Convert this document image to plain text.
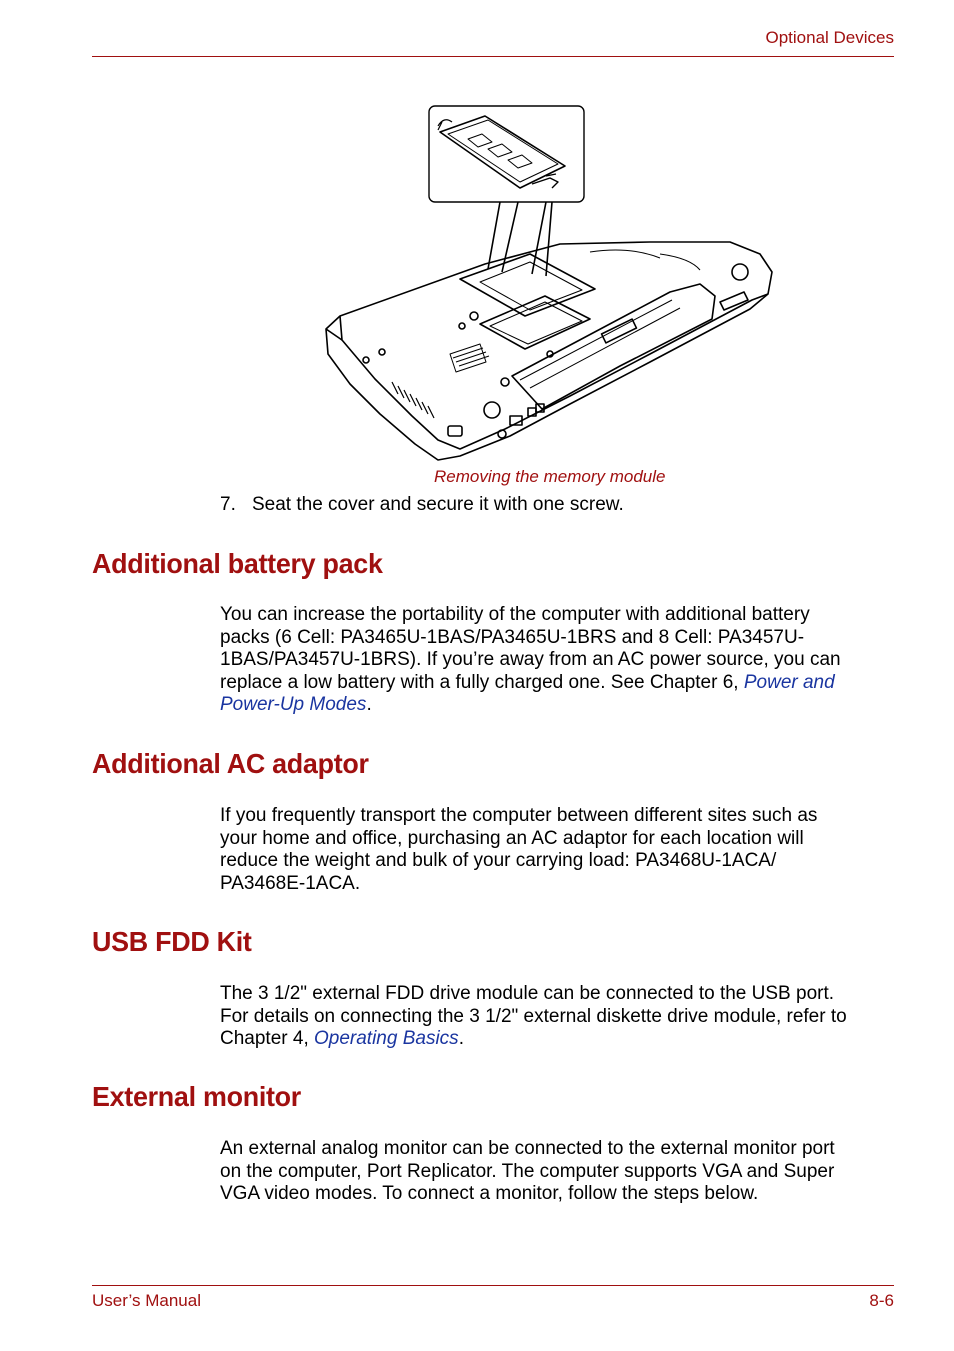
Optional Devices
Removing the memory module
7. Seat the cover and secure it with one screw.
Additional battery pack

You can increase the portability of the computer with additional battery
packs (6 Cell: PA3465U-1BAS/PA3465U-1BRS and 8 Cell: PA3457U-
1BAS/PA3457U-1BRS). If you’re away from an AC power source, you can
replace a low battery with a fully charged one. See Chapter 6, Power and
Power-Up Modes.

Additional AC adaptor

If you frequently transport the computer between different sites such as
your home and office, purchasing an AC adaptor for each location will
reduce the weight and bulk of your carrying load: PA3468U-1ACA/
PA3468E-1ACA.

USB FDD Kit

The 3 1/2" external FDD drive module can be connected to the USB port.
For details on connecting the 3 1/2" external diskette drive module, refer to
Chapter 4, Operating Basics.

External monitor

An external analog monitor can be connected to the external monitor port
on the computer, Port Replicator. The computer supports VGA and Super
VGA video modes. To connect a monitor, follow the steps below.

User’s Manual	8-6
